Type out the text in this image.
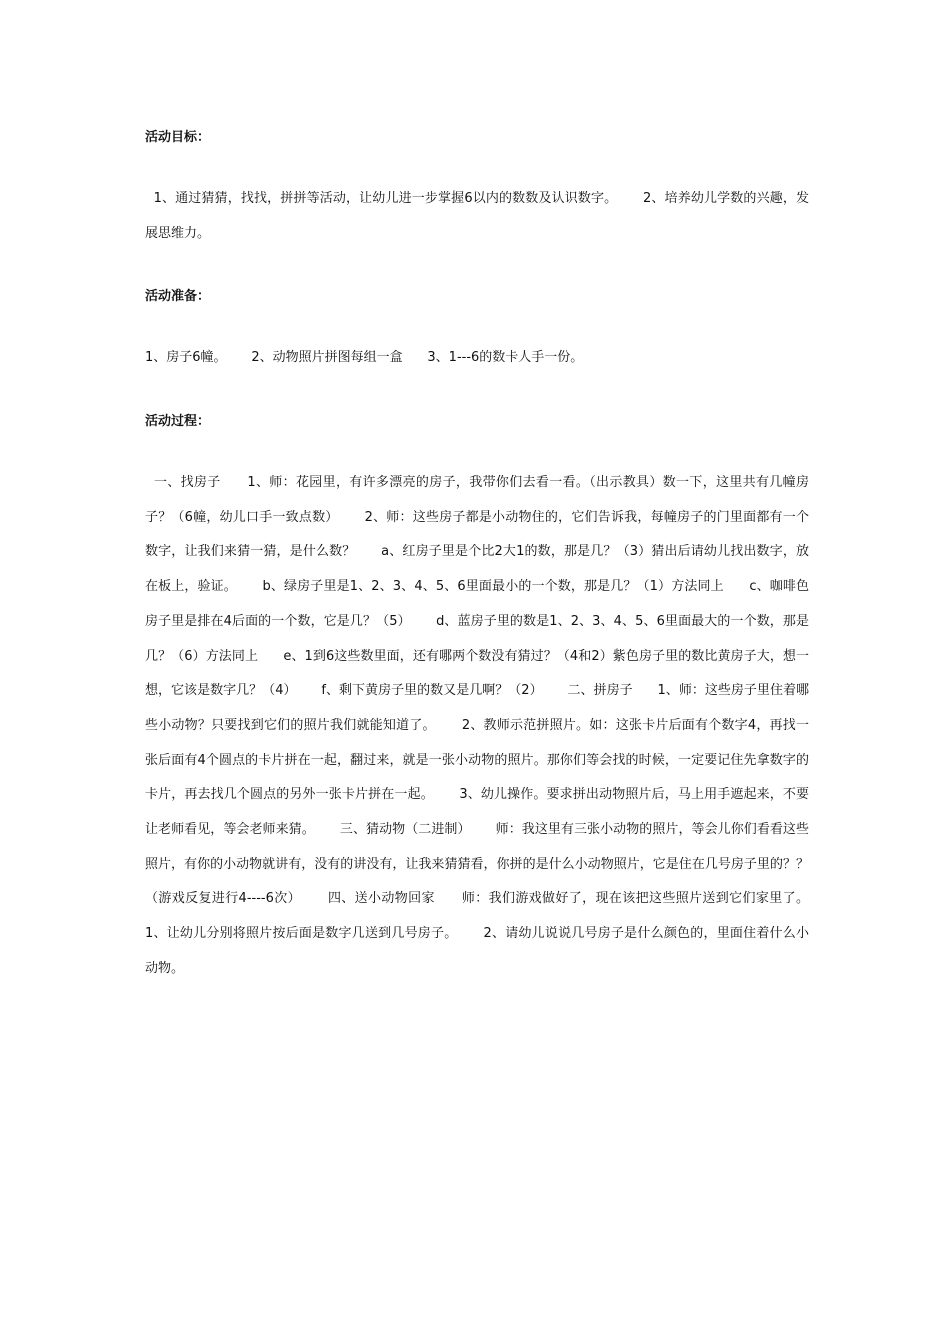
活动目标：

1、通过猜猜，找找，拼拼等活动，让幼儿进一步掌握6以内的数数及认识数字。      2、培养幼儿学数的兴趣，发展思维力。

活动准备：

1、房子6幢。      2、动物照片拼图每组一盒      3、1---6的数卡人手一份。

活动过程：

一、找房子      1、师：花园里，有许多漂亮的房子，我带你们去看一看。（出示教具）数一下，这里共有几幢房子？（6幢，幼儿口手一致点数）      2、师：这些房子都是小动物住的，它们告诉我，每幢房子的门里面都有一个数字，让我们来猜一猜，是什么数？      a、红房子里是个比2大1的数，那是几？（3）猜出后请幼儿找出数字，放在板上，验证。      b、绿房子里是1、2、3、4、5、6里面最小的一个数，那是几？（1）方法同上      c、咖啡色房子里是排在4后面的一个数，它是几？（5）      d、蓝房子里的数是1、2、3、4、5、6里面最大的一个数，那是几？（6）方法同上      e、1到6这些数里面，还有哪两个数没有猜过？（4和2）紫色房子里的数比黄房子大，想一想，它该是数字几？（4）      f、剩下黄房子里的数又是几啊？（2）      二、拼房子      1、师：这些房子里住着哪些小动物？只要找到它们的照片我们就能知道了。      2、教师示范拼照片。如：这张卡片后面有个数字4，再找一张后面有4个圆点的卡片拼在一起，翻过来，就是一张小动物的照片。那你们等会找的时候，一定要记住先拿数字的卡片，再去找几个圆点的另外一张卡片拼在一起。      3、幼儿操作。要求拼出动物照片后，马上用手遮起来，不要让老师看见，等会老师来猜。      三、猜动物（二进制）      师：我这里有三张小动物的照片，等会儿你们看看这些照片，有你的小动物就讲有，没有的讲没有，让我来猜猜看，你拼的是什么小动物照片，它是住在几号房子里的？？（游戏反复进行4----6次）      四、送小动物回家      师：我们游戏做好了，现在该把这些照片送到它们家里了。      1、让幼儿分别将照片按后面是数字几送到几号房子。      2、请幼儿说说几号房子是什么颜色的，里面住着什么小动物。
